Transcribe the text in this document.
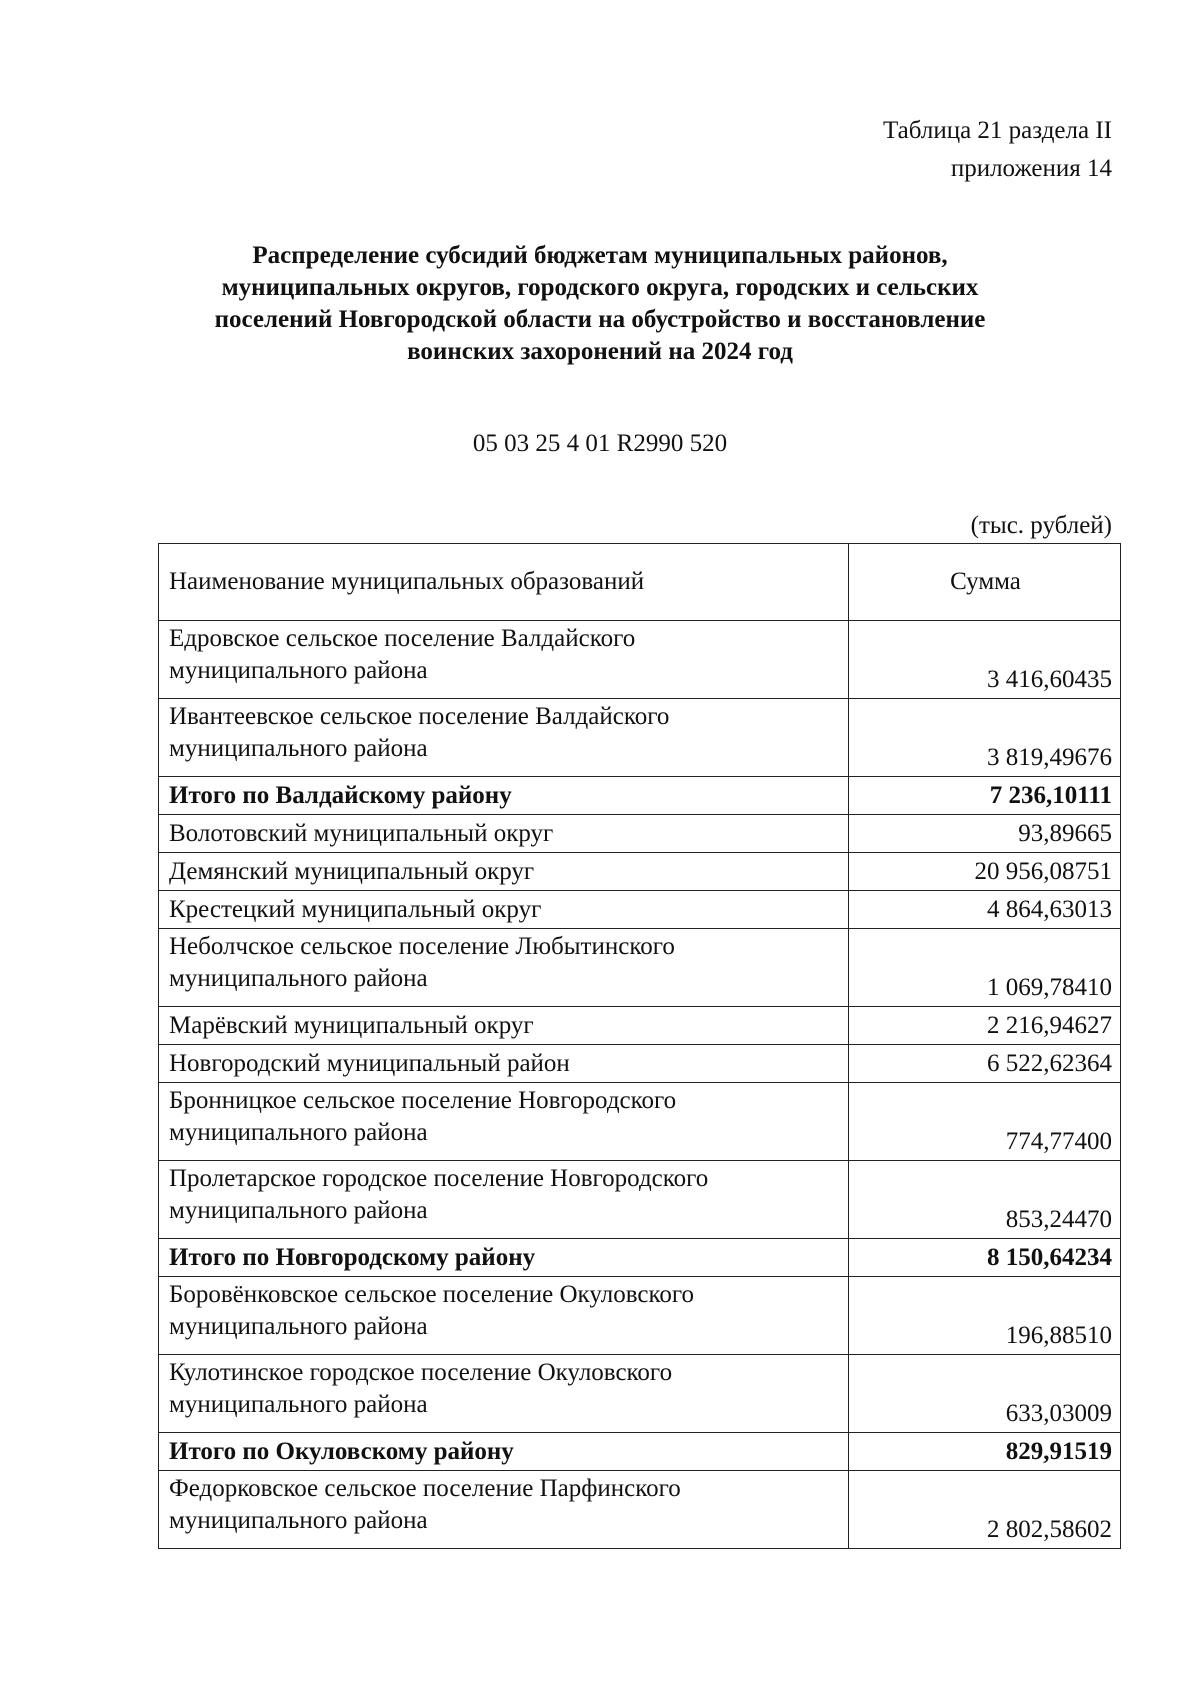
Таблица 21 раздела II
приложения 14
Распределение субсидий бюджетам муниципальных районов,
муниципальных округов, городского округа, городских и сельских
поселений Новгородской области на обустройство и восстановление
воинских захоронений на 2024 год
05 03 25 4 01 R2990 520
(тыс. рублей)
Наименование муниципальных образований	Сумма

Едровское сельское поселение Валдайского
муниципального района	3 416,60435

Ивантеевское сельское поселение Валдайского
муниципального района	3 819,49676
Итого по Валдайскому району	7 236,10111
Волотовский муниципальный округ	93,89665
Демянский муниципальный округ	20 956,08751
Крестецкий муниципальный округ	4 864,63013

Неболчское сельское поселение Любытинского
муниципального района	1 069,78410
Марёвский муниципальный округ	2 216,94627
Новгородский муниципальный район	6 522,62364

Бронницкое сельское поселение Новгородского
муниципального района	774,77400

Пролетарское городское поселение Новгородского
муниципального района	853,24470
Итого по Новгородскому району	8 150,64234

Боровёнковское сельское поселение Окуловского
муниципального района	196,88510

Кулотинское городское поселение Окуловского
муниципального района	633,03009
Итого по Окуловскому району	829,91519

Федорковское сельское поселение Парфинского
муниципального района	2 802,58602
